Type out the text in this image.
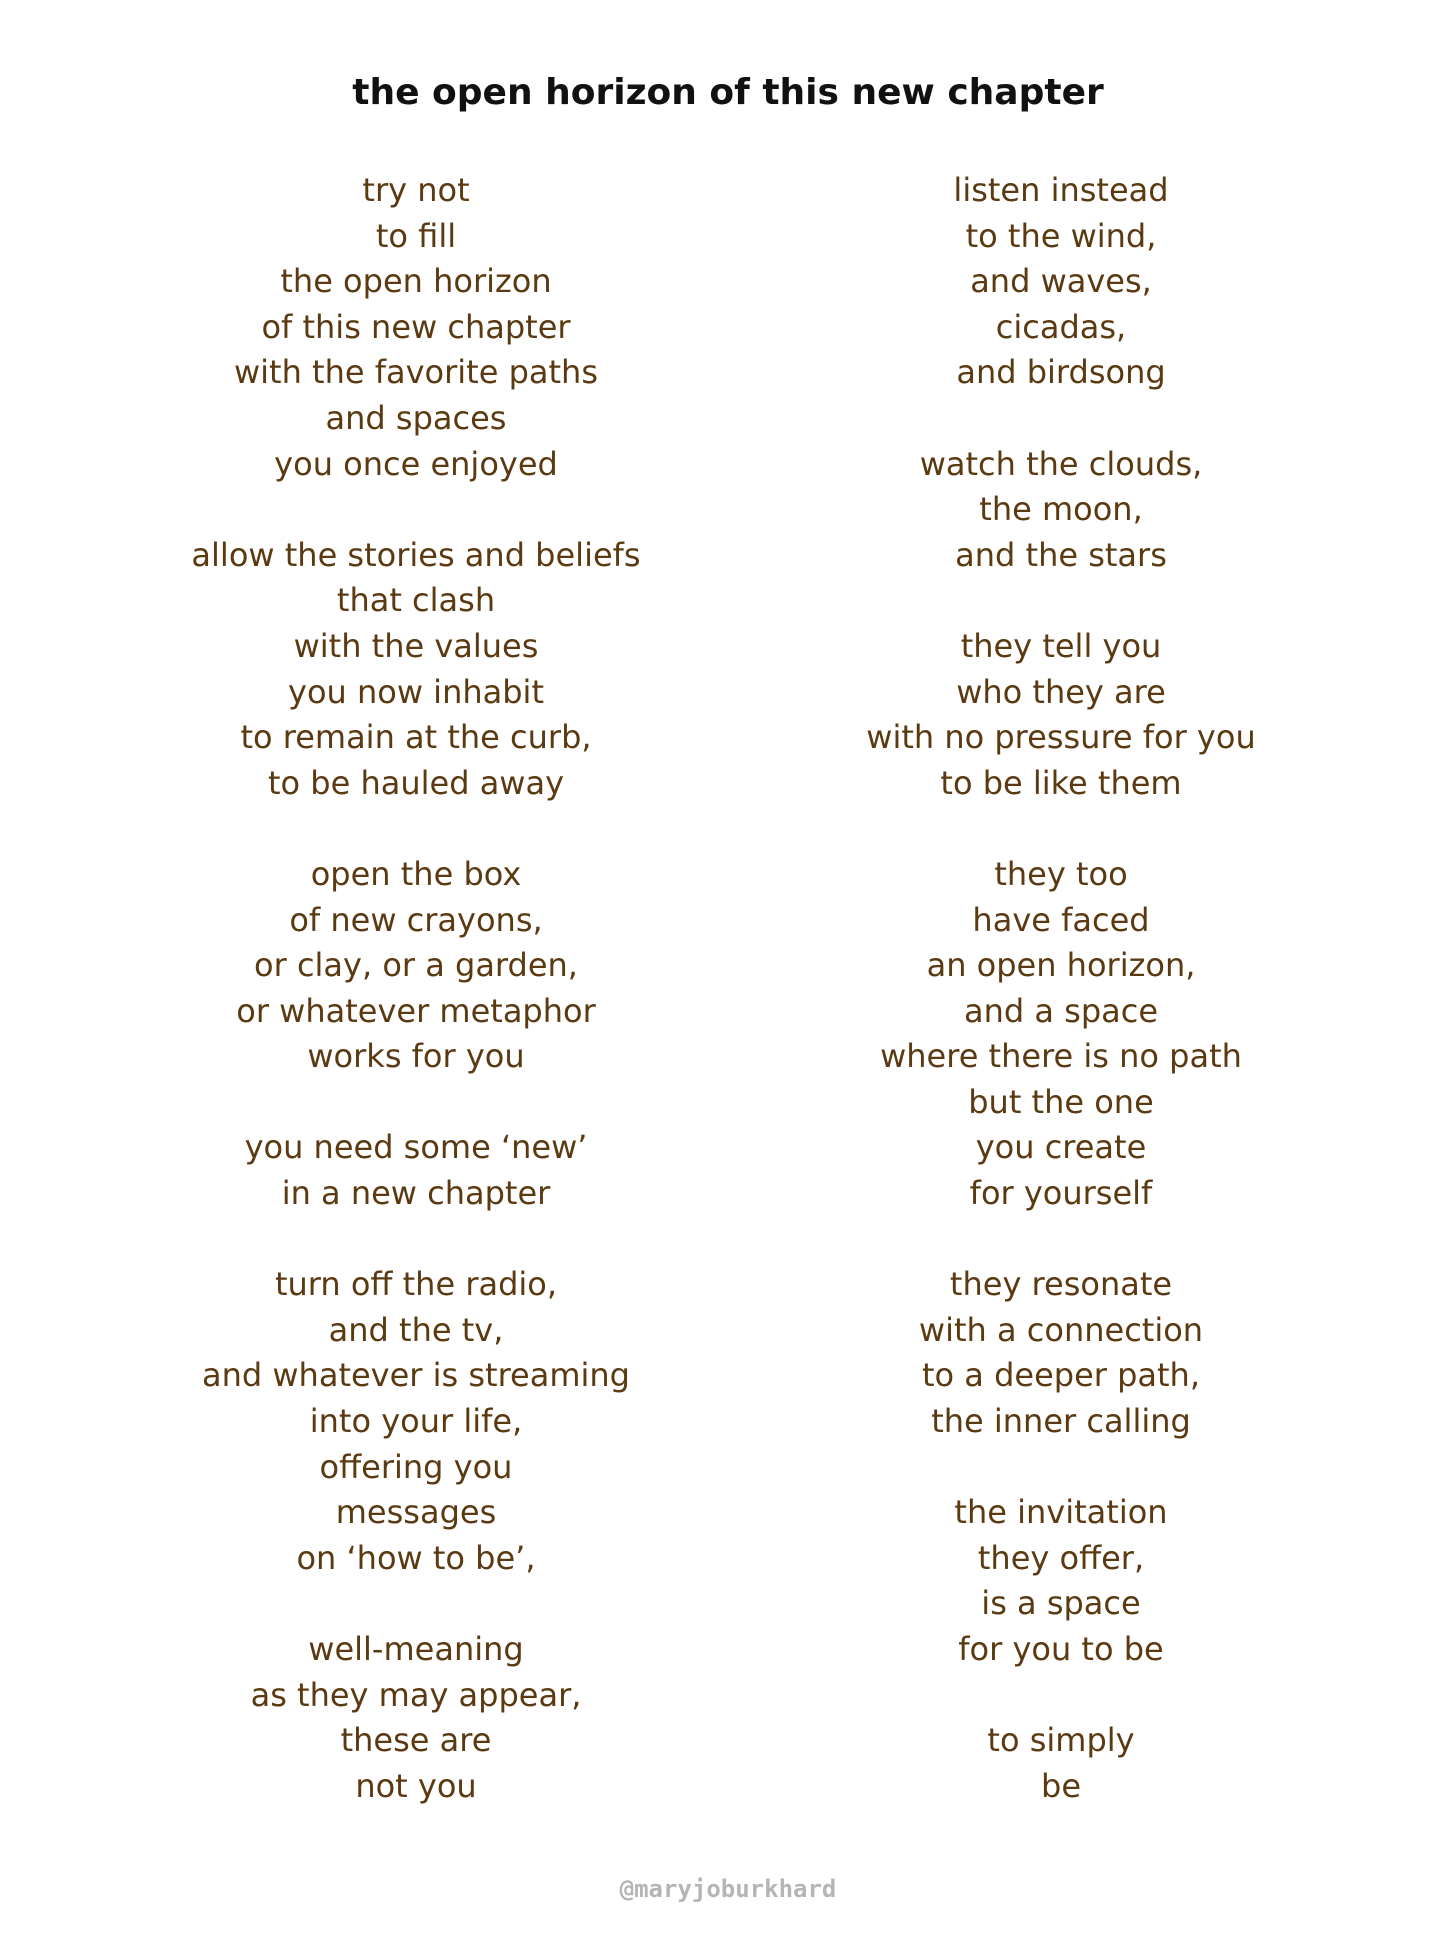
the open horizon of this new chapter
try not
to fill
the open horizon
of this new chapter
with the favorite paths
and spaces
you once enjoyed
allow the stories and beliefs
that clash
with the values
you now inhabit
to remain at the curb,
to be hauled away
open the box
of new crayons,
or clay, or a garden,
or whatever metaphor
works for you
you need some ‘new’
in a new chapter
turn off the radio,
and the tv,
and whatever is streaming
into your life,
offering you
messages
on ‘how to be’,
well-meaning
as they may appear,
these are
not you
listen instead
to the wind,
and waves,
cicadas,
and birdsong
watch the clouds,
the moon,
and the stars
they tell you
who they are
with no pressure for you
to be like them
they too
have faced
an open horizon,
and a space
where there is no path
but the one
you create
for yourself
they resonate
with a connection
to a deeper path,
the inner calling
the invitation
they offer,
is a space
for you to be
to simply
be
@maryjoburkhard
